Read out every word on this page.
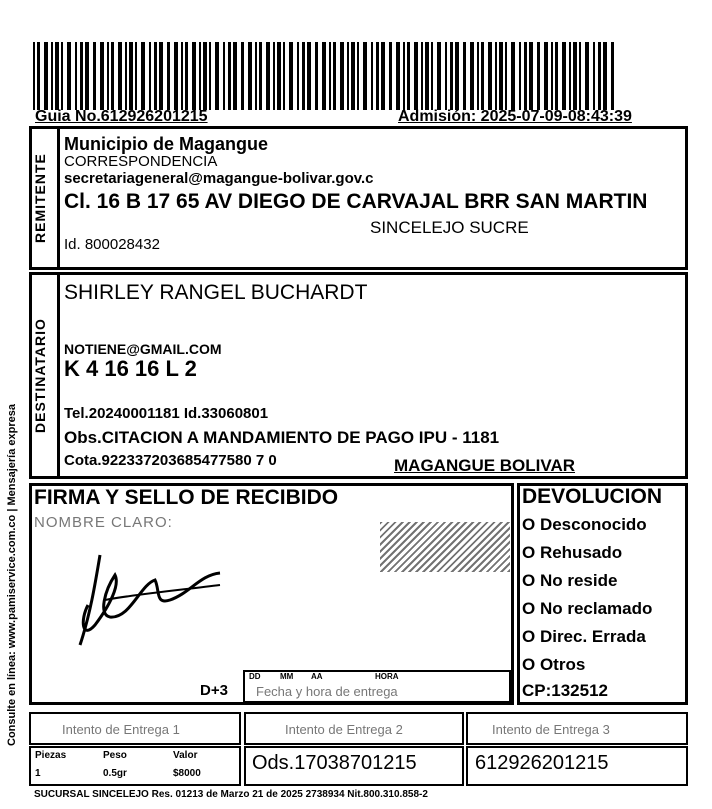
Guia No.612926201215	Admisión: 2025-07-09-08:43:39
REMITENTE
Municipio de Magangue
CORRESPONDENCIA
secretariageneral@magangue-bolivar.gov.c
Cl. 16 B 17 65 AV DIEGO DE CARVAJAL BRR SAN MARTIN
SINCELEJO SUCRE
Id. 800028432
DESTINATARIO
SHIRLEY RANGEL BUCHARDT
NOTIENE@GMAIL.COM
K 4 16 16 L 2
Tel.20240001181 Id.33060801
Obs.CITACION A MANDAMIENTO DE PAGO IPU - 1181
Cota.922337203685477580 7 0	MAGANGUE BOLIVAR
FIRMA Y SELLO DE RECIBIDO
NOMBRE CLARO:
D+3
DD MM AA	HORA
Fecha y hora de entrega
DEVOLUCION
O Desconocido
O Rehusado
O No reside
O No reclamado
O Direc. Errada
O Otros
CP:132512
Intento de Entrega 1	Intento de Entrega 2	Intento de Entrega 3
Piezas	Peso	Valor
1	0.5gr	$8000	Ods.17038701215	612926201215
SUCURSAL SINCELEJO Res. 01213 de Marzo 21 de 2025 2738934 Nit.800.310.858-2
Consulte en línea: www.pamiservice.com.co | Mensajería expresa
